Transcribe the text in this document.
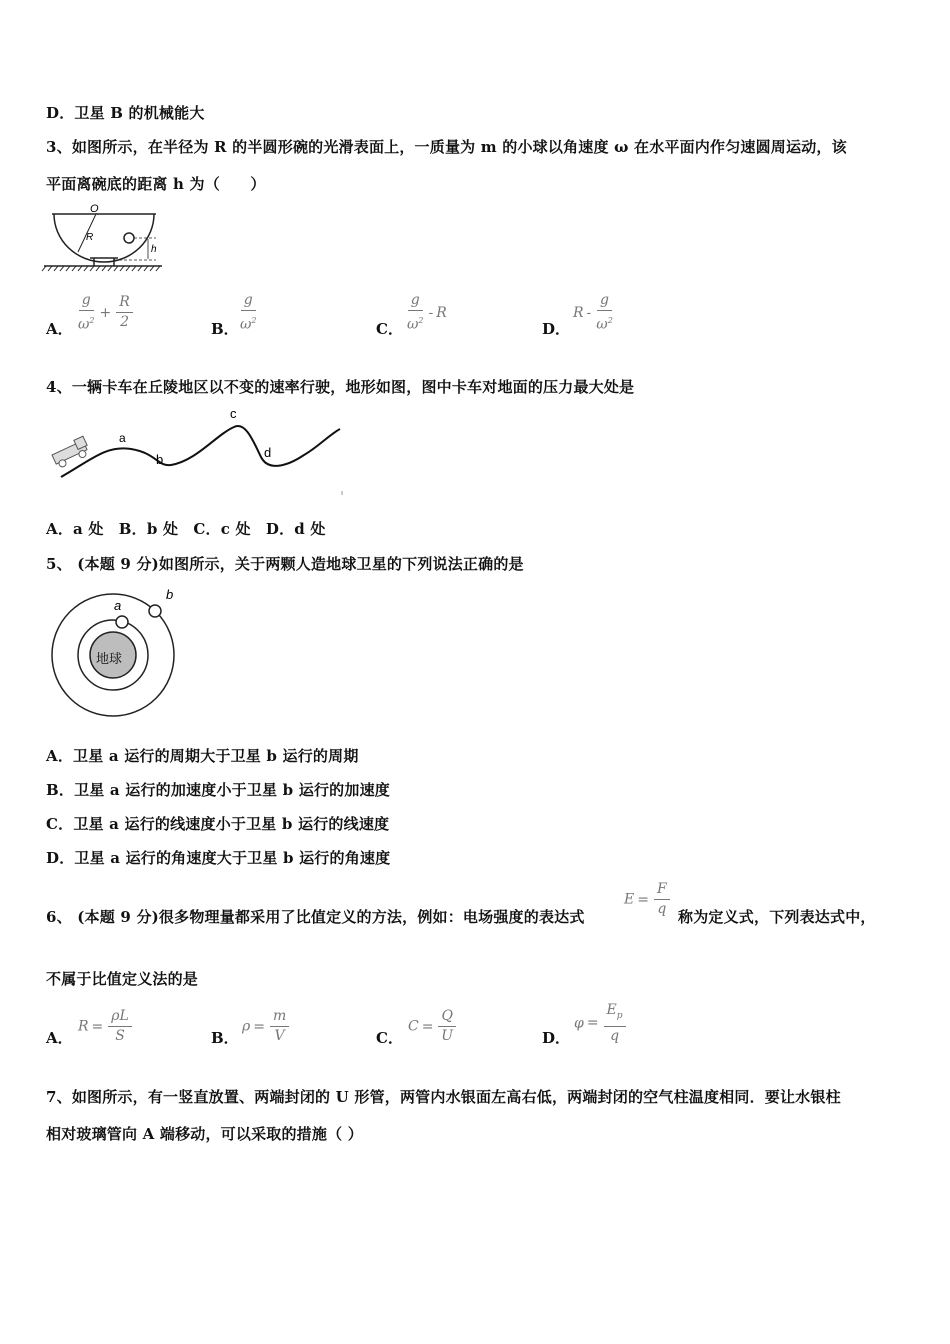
D．卫星 B 的机械能大
3、如图所示，在半径为 R 的半圆形碗的光滑表面上，一质量为 m 的小球以角速度 ω 在水平面内作匀速圆周运动，该
平面离碗底的距离 h 为（　　）
O
R
h
A． $\frac{g}{\omega^2} + \frac{R}{2}$	B． $\frac{g}{\omega^2}$	C． $\frac{g}{\omega^2}$ - R
D．
R - $\frac{g}{\omega^2}$
4、一辆卡车在丘陵地区以不变的速率行驶，地形如图，图中卡车对地面的压力最大处是
a
b
c
d
A．a 处　B．b 处　C．c 处　D．d 处
5、 (本题 9 分)如图所示，关于两颗人造地球卫星的下列说法正确的是
地球
a
b
A．卫星 a 运行的周期大于卫星 b 运行的周期
B．卫星 a 运行的加速度小于卫星 b 运行的加速度
C．卫星 a 运行的线速度小于卫星 b 运行的线速度
D．卫星 a 运行的角速度大于卫星 b 运行的角速度
6、 (本题 9 分)很多物理量都采用了比值定义的方法，例如：电场强度的表达式
$E = \frac{F}{q}$ 称为定义式，下列表达式中，
不属于比值定义法的是
A．
$R = \frac{\rho L}{S}$	B．
$\rho = \frac{m}{V}$	C．
$C = \frac{Q}{U}$	D．
$\varphi = \frac{E_p}{q}$
7、如图所示，有一竖直放置、两端封闭的 U 形管，两管内水银面左高右低，两端封闭的空气柱温度相同．要让水银柱
相对玻璃管向 A 端移动，可以采取的措施（ ）
